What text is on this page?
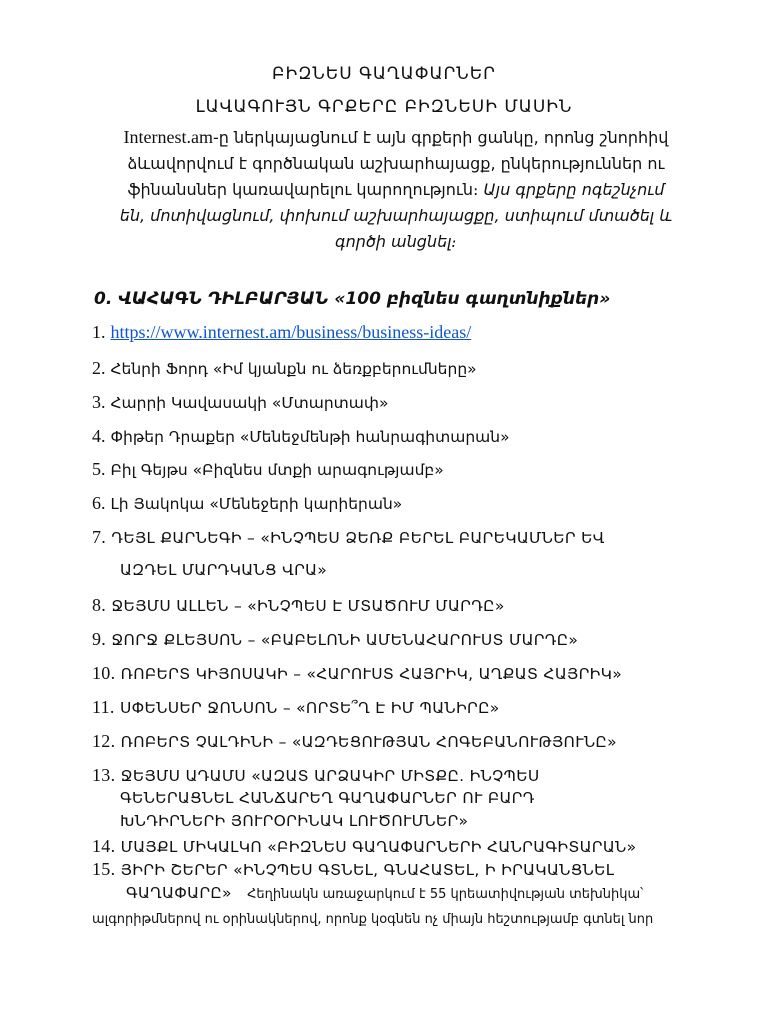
ԲԻԶՆԵՍ ԳԱՂԱՓԱՐՆԵՐ
ԼԱՎԱԳՈՒՅՆ ԳՐՔԵՐԸ ԲԻԶՆԵՍԻ ՄԱՍԻՆ
Internest.am-ը ներկայացնում է այն գրքերի ցանկը, որոնց շնորհիվ ձևավորվում է գործնական աշխարհայացք, ընկերություններ ու ֆինանսներ կառավարելու կարողություն։ Այս գրքերը ոգեշնչում են, մոտիվացնում, փոխում աշխարհայացքը, ստիպում մտածել և գործի անցնել։
0. ՎԱՀԱԳՆ ԴԻԼԲԱՐՅԱՆ «100 բիզնես գաղտնիքներ»
1. https://www.internest.am/business/business-ideas/
2. Հենրի Ֆորդ «Իմ կյանքն ու ձեռքբերումները»
3. Հարրի Կավասակի «Մտարտափ»
4. Փիթեր Դրաքեր «Մենեջմենթի հանրագիտարան»
5. Բիլ Գեյթս «Բիզնես մտքի արագությամբ»
6. Լի Յակոկա «Մենեջերի կարիերան»
7. ԴԵՅԼ ՔԱՐՆԵԳԻ – «ԻՆՉՊԵՍ ՁԵՌՔ ԲԵՐԵԼ ԲԱՐԵԿԱՄՆԵՐ ԵՎ
ԱԶԴԵԼ ՄԱՐԴԿԱՆՑ ՎՐԱ»
8. ՋԵՅՄՍ ԱԼԼԵՆ – «ԻՆՉՊԵՍ Է ՄՏԱԾՈՒՄ ՄԱՐԴԸ»
9. ՋՈՐՋ ՔԼԵՅՍՈՆ – «ԲԱԲԵԼՈՆԻ ԱՄԵՆԱՀԱՐՈՒՍՏ ՄԱՐԴԸ»
10. ՌՈԲԵՐՏ ԿԻՅՈՍԱԿԻ – «ՀԱՐՈՒՍՏ ՀԱՅՐԻԿ, ԱՂՔԱՏ ՀԱՅՐԻԿ»
11. ՍՓԵՆՍԵՐ ՋՈՆՍՈՆ – «ՈՐՏԵ՞Ղ Է ԻՄ ՊԱՆԻՐԸ»
12. ՌՈԲԵՐՏ ՉԱԼԴԻՆԻ – «ԱԶԴԵՑՈՒԹՅԱՆ ՀՈԳԵԲԱՆՈՒԹՅՈՒՆԸ»
13. ՋԵՅՄՍ ԱԴԱՄՍ «ԱԶԱՏ ԱՐՁԱԿԻՐ ՄԻՏՔԸ. ԻՆՉՊԵՍ
ԳԵՆԵՐԱՑՆԵԼ ՀԱՆՃԱՐԵՂ ԳԱՂԱՓԱՐՆԵՐ ՈՒ ԲԱՐԴ
ԽՆԴԻՐՆԵՐԻ ՅՈՒՐՕՐԻՆԱԿ ԼՈՒԾՈՒՄՆԵՐ»
14. ՄԱՅՔԼ ՄԻԿԱԼԿՈ «ԲԻԶՆԵՍ ԳԱՂԱՓԱՐՆԵՐԻ ՀԱՆՐԱԳԻՏԱՐԱՆ»
15. ՅԻՐԻ ՇԵՐԵՐ «ԻՆՉՊԵՍ ԳՏՆԵԼ, ԳՆԱՀԱՏԵԼ, Ի ԻՐԱԿԱՆՑՆԵԼ
ԳԱՂԱՓԱՐԸ» Հեղինակն առաջարկում է 55 կրեատիվության տեխնիկա՝
ալգորիթմներով ու օրինակներով, որոնք կօգնեն ոչ միայն հեշտությամբ գտնել նոր
